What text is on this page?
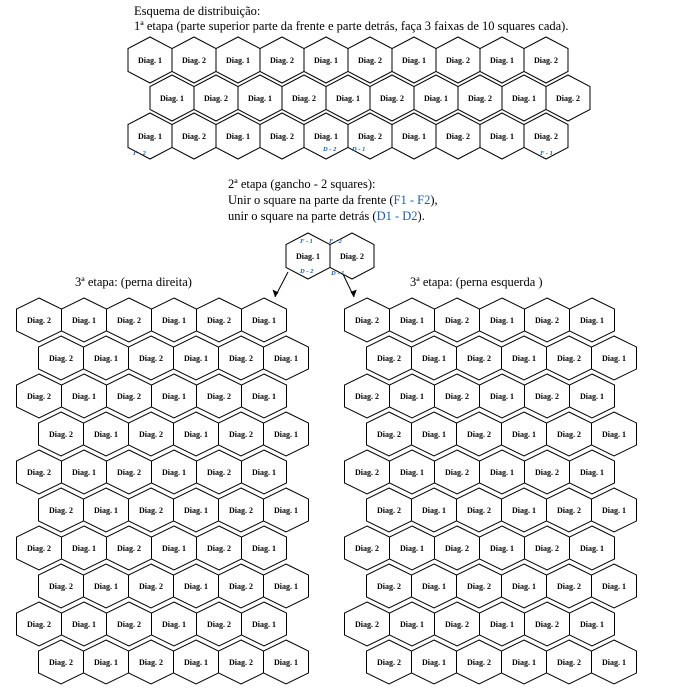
Esquema de distribuição:
1ª etapa (parte superior parte da frente e parte detrás, faça 3 faixas de 10 squares cada).
2ª etapa (gancho - 2 squares):
Unir o square na parte da frente (F1 - F2),
unir o square na parte detrás (D1 - D2).
3ª etapa: (perna direita)	3ª etapa: (perna esquerda )
Diag. 1	Diag. 2	Diag. 1	Diag. 2	Diag. 1	Diag. 2	Diag. 1	Diag. 2	Diag. 1	Diag. 2
Diag. 1	Diag. 2	Diag. 1	Diag. 2	Diag. 1	Diag. 2	Diag. 1	Diag. 2	Diag. 1	Diag. 2
Diag. 1	Diag. 2	Diag. 1	Diag. 2	Diag. 1	Diag. 2	Diag. 1	Diag. 2	Diag. 1	Diag. 2
F - 2
D - 2 D - 1
F - 1
Diag. 1	Diag. 2
F - 1 F - 2
D - 2	D - 1
Diag. 2	Diag. 1	Diag. 2	Diag. 1	Diag. 2	Diag. 1
Diag. 2	Diag. 1	Diag. 2	Diag. 1	Diag. 2	Diag. 1
Diag. 2	Diag. 1	Diag. 2	Diag. 1	Diag. 2	Diag. 1
Diag. 2	Diag. 1	Diag. 2	Diag. 1	Diag. 2	Diag. 1
Diag. 2	Diag. 1	Diag. 2	Diag. 1	Diag. 2	Diag. 1
Diag. 2	Diag. 1	Diag. 2	Diag. 1	Diag. 2	Diag. 1
Diag. 2	Diag. 1	Diag. 2	Diag. 1	Diag. 2	Diag. 1
Diag. 2	Diag. 1	Diag. 2	Diag. 1	Diag. 2	Diag. 1
Diag. 2	Diag. 1	Diag. 2	Diag. 1	Diag. 2	Diag. 1
Diag. 2	Diag. 1	Diag. 2	Diag. 1	Diag. 2	Diag. 1
Diag. 2	Diag. 1	Diag. 2	Diag. 1	Diag. 2	Diag. 1
Diag. 2	Diag. 1	Diag. 2	Diag. 1	Diag. 2	Diag. 1
Diag. 2	Diag. 1	Diag. 2	Diag. 1	Diag. 2	Diag. 1
Diag. 2	Diag. 1	Diag. 2	Diag. 1	Diag. 2	Diag. 1
Diag. 2	Diag. 1	Diag. 2	Diag. 1	Diag. 2	Diag. 1
Diag. 2	Diag. 1	Diag. 2	Diag. 1	Diag. 2	Diag. 1
Diag. 2	Diag. 1	Diag. 2	Diag. 1	Diag. 2	Diag. 1
Diag. 2	Diag. 1	Diag. 2	Diag. 1	Diag. 2	Diag. 1
Diag. 2	Diag. 1	Diag. 2	Diag. 1	Diag. 2	Diag. 1
Diag. 2	Diag. 1	Diag. 2	Diag. 1	Diag. 2	Diag. 1
